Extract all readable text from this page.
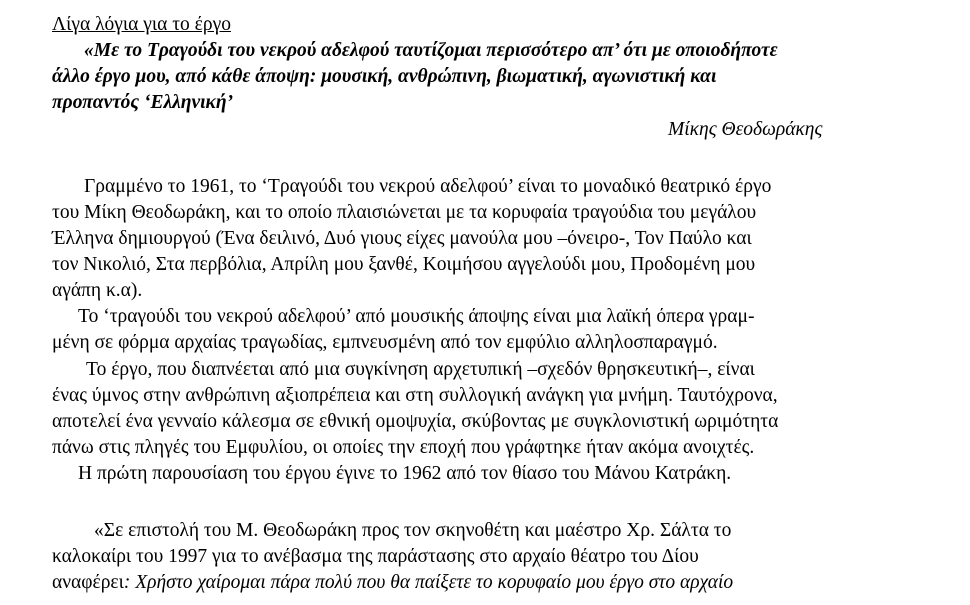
Λίγα λόγια για το έργο
«Με το Τραγούδι του νεκρού αδελφού ταυτίζομαι περισσότερο απ’ ότι με οποιοδήποτε
άλλο έργο μου, από κάθε άποψη: μουσική, ανθρώπινη, βιωματική, αγωνιστική και
προπαντός ‘Ελληνική’
Μίκης Θεοδωράκης
Γραμμένο το 1961, το ‘Τραγούδι του νεκρού αδελφού’ είναι το μοναδικό θεατρικό έργο
του Μίκη Θεοδωράκη, και το οποίο πλαισιώνεται με τα κορυφαία τραγούδια του μεγάλου
Έλληνα δημιουργού (Ένα δειλινό, Δυό γιους είχες μανούλα μου –όνειρο-, Τον Παύλο και
τον Νικολιό, Στα περβόλια, Απρίλη μου ξανθέ, Κοιμήσου αγγελούδι μου, Προδομένη μου
αγάπη κ.α).
Το ‘τραγούδι του νεκρού αδελφού’ από μουσικής άποψης είναι μια λαϊκή όπερα γραμ-
μένη σε φόρμα αρχαίας τραγωδίας, εμπνευσμένη από τον εμφύλιο αλληλοσπαραγμό.
Το έργο, που διαπνέεται από μια συγκίνηση αρχετυπική –σχεδόν θρησκευτική–, είναι
ένας ύμνος στην ανθρώπινη αξιοπρέπεια και στη συλλογική ανάγκη για μνήμη. Ταυτόχρονα,
αποτελεί ένα γενναίο κάλεσμα σε εθνική ομοψυχία, σκύβοντας με συγκλονιστική ωριμότητα
πάνω στις πληγές του Εμφυλίου, οι οποίες την εποχή που γράφτηκε ήταν ακόμα ανοιχτές.
Η πρώτη παρουσίαση του έργου έγινε το 1962 από τον θίασο του Μάνου Κατράκη.
«Σε επιστολή του Μ. Θεοδωράκη προς τον σκηνοθέτη και μαέστρο Χρ. Σάλτα το
καλοκαίρι του 1997 για το ανέβασμα της παράστασης στο αρχαίο θέατρο του Δίου
αναφέρει: Χρήστο χαίρομαι πάρα πολύ που θα παίξετε το κορυφαίο μου έργο στο αρχαίο
